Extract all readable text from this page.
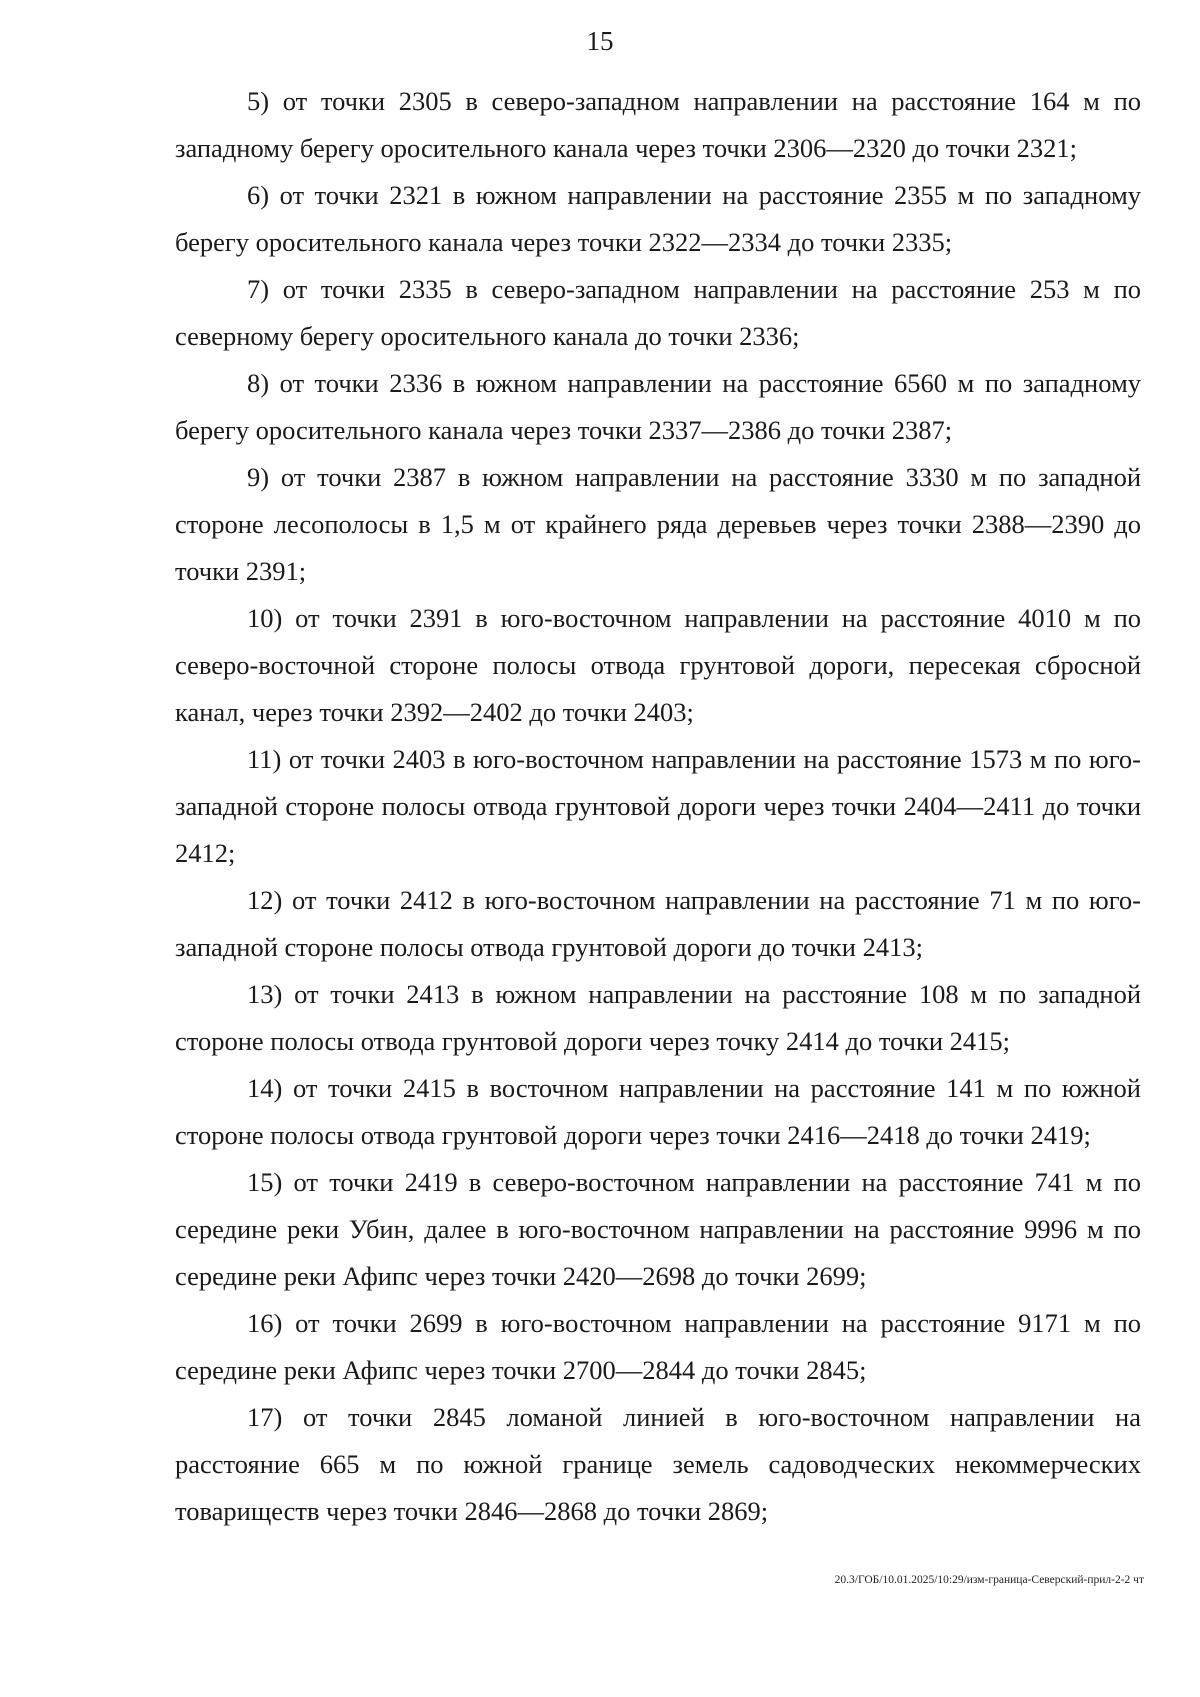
15

5) от точки 2305 в северо-западном направлении на расстояние 164 м по западному берегу оросительного канала через точки 2306—2320 до точки 2321;

6) от точки 2321 в южном направлении на расстояние 2355 м по западному берегу оросительного канала через точки 2322—2334 до точки 2335;

7) от точки 2335 в северо-западном направлении на расстояние 253 м по северному берегу оросительного канала до точки 2336;

8) от точки 2336 в южном направлении на расстояние 6560 м по западному берегу оросительного канала через точки 2337—2386 до точки 2387;

9) от точки 2387 в южном направлении на расстояние 3330 м по западной стороне лесополосы в 1,5 м от крайнего ряда деревьев через точки 2388—2390 до точки 2391;

10) от точки 2391 в юго-восточном направлении на расстояние 4010 м по северо-восточной стороне полосы отвода грунтовой дороги, пересекая сбросной канал, через точки 2392—2402 до точки 2403;

11) от точки 2403 в юго-восточном направлении на расстояние 1573 м по юго-западной стороне полосы отвода грунтовой дороги через точки 2404—2411 до точки 2412;

12) от точки 2412 в юго-восточном направлении на расстояние 71 м по юго-западной стороне полосы отвода грунтовой дороги до точки 2413;

13) от точки 2413 в южном направлении на расстояние 108 м по западной стороне полосы отвода грунтовой дороги через точку 2414 до точки 2415;

14) от точки 2415 в восточном направлении на расстояние 141 м по южной стороне полосы отвода грунтовой дороги через точки 2416—2418 до точки 2419;

15) от точки 2419 в северо-восточном направлении на расстояние 741 м по середине реки Убин, далее в юго-восточном направлении на расстояние 9996 м по середине реки Афипс через точки 2420—2698 до точки 2699;

16) от точки 2699 в юго-восточном направлении на расстояние 9171 м по середине реки Афипс через точки 2700—2844 до точки 2845;

17) от точки 2845 ломаной линией в юго-восточном направлении на расстояние 665 м по южной границе земель садоводческих некоммерческих товариществ через точки 2846—2868 до точки 2869;

20.3/ГОБ/10.01.2025/10:29/изм-граница-Северский-прил-2-2 чт
